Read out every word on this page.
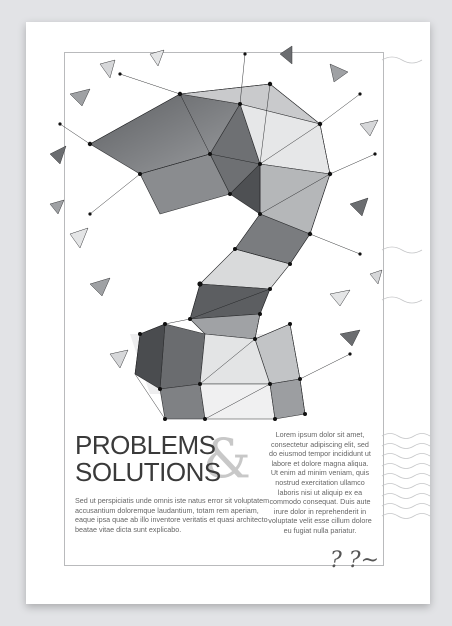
&
PROBLEMS
SOLUTIONS

Sed ut perspiciatis unde omnis iste natus error sit voluptatem accusantium doloremque laudantium, totam rem aperiam, eaque ipsa quae ab illo inventore veritatis et quasi architecto beatae vitae dicta sunt explicabo.

Lorem ipsum dolor sit amet, consectetur adipiscing elit, sed do eiusmod tempor incididunt ut labore et dolore magna aliqua. Ut enim ad minim veniam, quis nostrud exercitation ullamco laboris nisi ut aliquip ex ea commodo consequat. Duis aute irure dolor in reprehenderit in voluptate velit esse cillum dolore eu fugiat nulla pariatur.

? ?~
